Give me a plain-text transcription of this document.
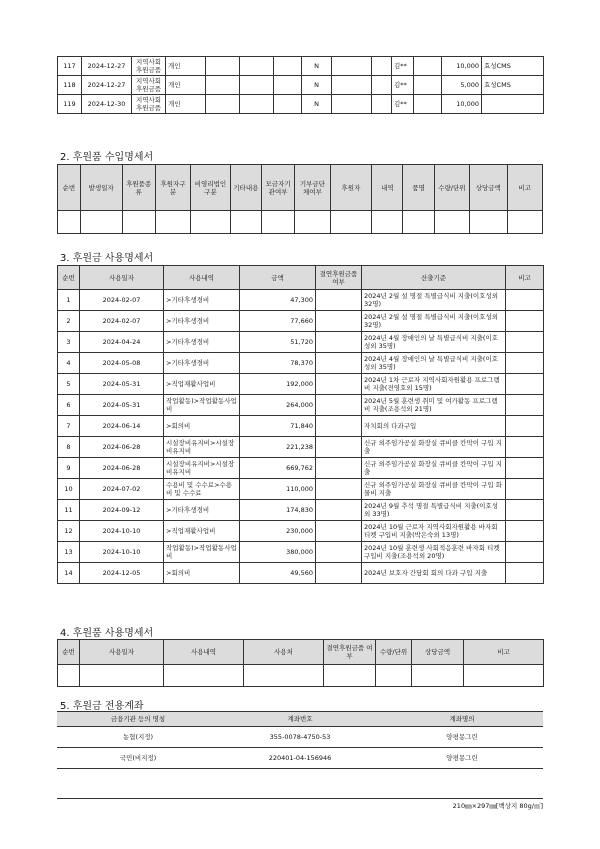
117	2024-12-27	지역사회후원금품	개인				N			김**		10,000	효성CMS
118	2024-12-27	지역사회후원금품	개인				N			김**		5,000	효성CMS
119	2024-12-30	지역사회후원금품	개인				N			김**		10,000	
2. 후원품 수입명세서
순번	발생일자	후원품종류	후원자구분	비영리법인구분	기타내용	모금자기관여부	기부금단체여부	후원자	내역	품명	수량/단위	상당금액	비고

3. 후원금 사용명세서
순번	사용일자	사용내역	금액	결연후원금품 여부	산출기준	비고
1	2024-02-07	>기타후생경비	47,300		2024년 2월 설 명절 특별급식비 지출(이호성외 32명)	
2	2024-02-07	>기타후생경비	77,660		2024년 2월 설 명절 특별급식비 지출(이호성외 32명)	
3	2024-04-24	>기타후생경비	51,720		2024년 4월 장애인의 날 특별급식비 지출(이호성외 35명)	
4	2024-05-08	>기타후생경비	78,370		2024년 4월 장애인의 날 특별급식비 지출(이호성외 35명)	
5	2024-05-31	>직업재활사업비	192,000		2024년 1차 근로자 지역사회자원활용 프로그램비 지출(전영호외 15명)	
6	2024-05-31	작업활동)>작업활동사업비	264,000		2024년 5월 훈련생 취미 및 여가활동 프로그램비 지출(조용석외 21명)	
7	2024-06-14	>회의비	71,840		자치회의 다과구입	
8	2024-06-28	시설장비유지비>시설장비유지비	221,238		신규 외주임가공실 화장실 큐비클 칸막이 구입 지출	
9	2024-06-28	시설장비유지비>시설장비유지비	669,762		신규 외주임가공실 화장실 큐비클 칸막이 구입 지출	
10	2024-07-02	수용비 및 수수료>수용비 및 수수료	110,000		신규 외주임가공실 화장실 큐비클 칸막이 구입 화물비 지출	
11	2024-09-12	>기타후생경비	174,830		2024년 9월 추석 명절 특별급식비 지출(이호성외 33명)	
12	2024-10-10	>직업재활사업비	230,000		2024년 10월 근로자 지역사회자원활용 바자회 티켓 구입비 지출(박은숙외 13명)	
13	2024-10-10	작업활동)>작업활동사업비	380,000		2024년 10월 훈련생 사회적응훈련 바자회 티켓 구입비 지출(조용석외 20명)	
14	2024-12-05	>회의비	49,560		2024년 보호자 간담회 회의 다과 구입 지출	
4. 후원품 사용명세서
순번	사용일자	사용내역	사용처	결연후원금품 여부	수량/단위	상당금액	비고

5. 후원금 전용계좌
금융기관 등의 명칭	계좌번호	계좌명의
농협(지정)	355-0078-4750-53	양평몽그린
국민(비지정)	220401-04-156946	양평몽그린
210㎜×297㎜[백상지 80g/㎡]
